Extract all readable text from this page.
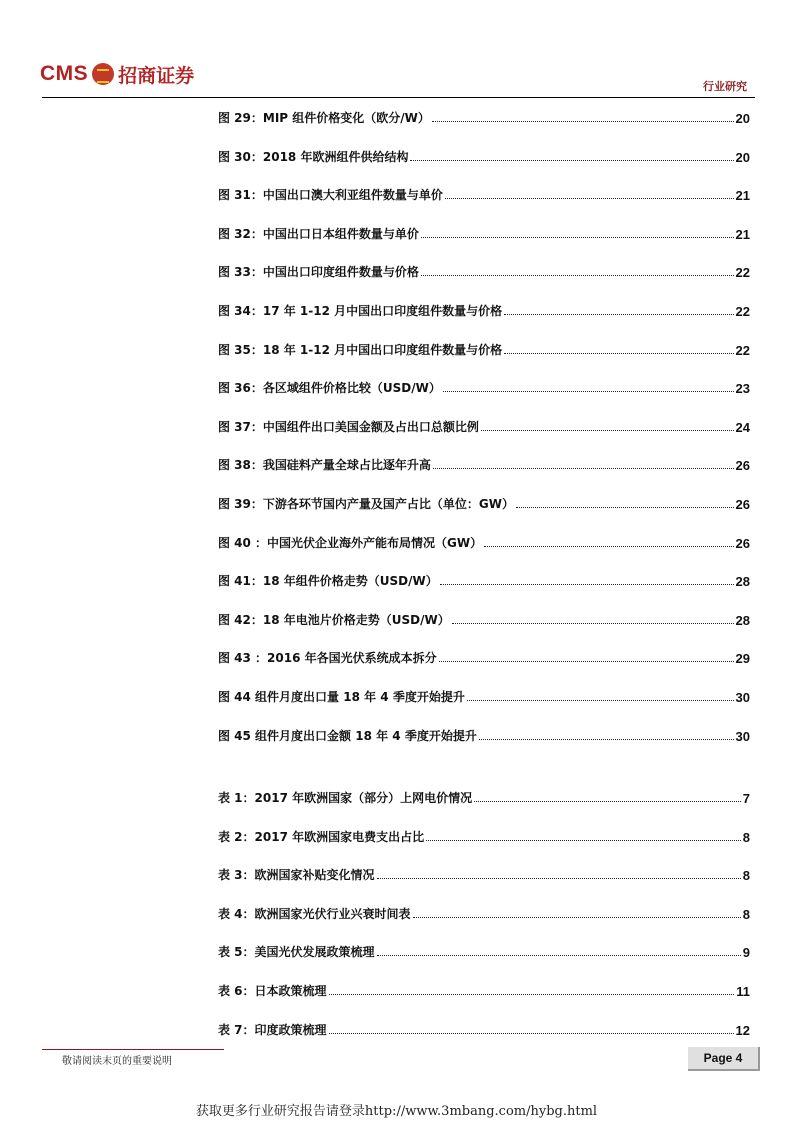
CMS 招商证券	行业研究
图 29：MIP 组件价格变化（欧分/W）	20
图 30：2018 年欧洲组件供给结构	20
图 31：中国出口澳大利亚组件数量与单价	21
图 32：中国出口日本组件数量与单价	21
图 33：中国出口印度组件数量与价格	22
图 34：17 年 1-12 月中国出口印度组件数量与价格	22
图 35：18 年 1-12 月中国出口印度组件数量与价格	22
图 36：各区域组件价格比较（USD/W）	23
图 37：中国组件出口美国金额及占出口总额比例	24
图 38：我国硅料产量全球占比逐年升高	26
图 39：下游各环节国内产量及国产占比（单位：GW）	26
图 40 ：中国光伏企业海外产能布局情况（GW）	26
图 41：18 年组件价格走势（USD/W）	28
图 42：18 年电池片价格走势（USD/W）	28
图 43 ：2016 年各国光伏系统成本拆分	29
图 44 组件月度出口量 18 年 4 季度开始提升	30
图 45 组件月度出口金额 18 年 4 季度开始提升	30
表 1：2017 年欧洲国家（部分）上网电价情况	7
表 2：2017 年欧洲国家电费支出占比	8
表 3：欧洲国家补贴变化情况	8
表 4：欧洲国家光伏行业兴衰时间表	8
表 5：美国光伏发展政策梳理	9
表 6：日本政策梳理	11
表 7：印度政策梳理	12
敬请阅读末页的重要说明	Page 4
获取更多行业研究报告请登录http://www.3mbang.com/hybg.html
